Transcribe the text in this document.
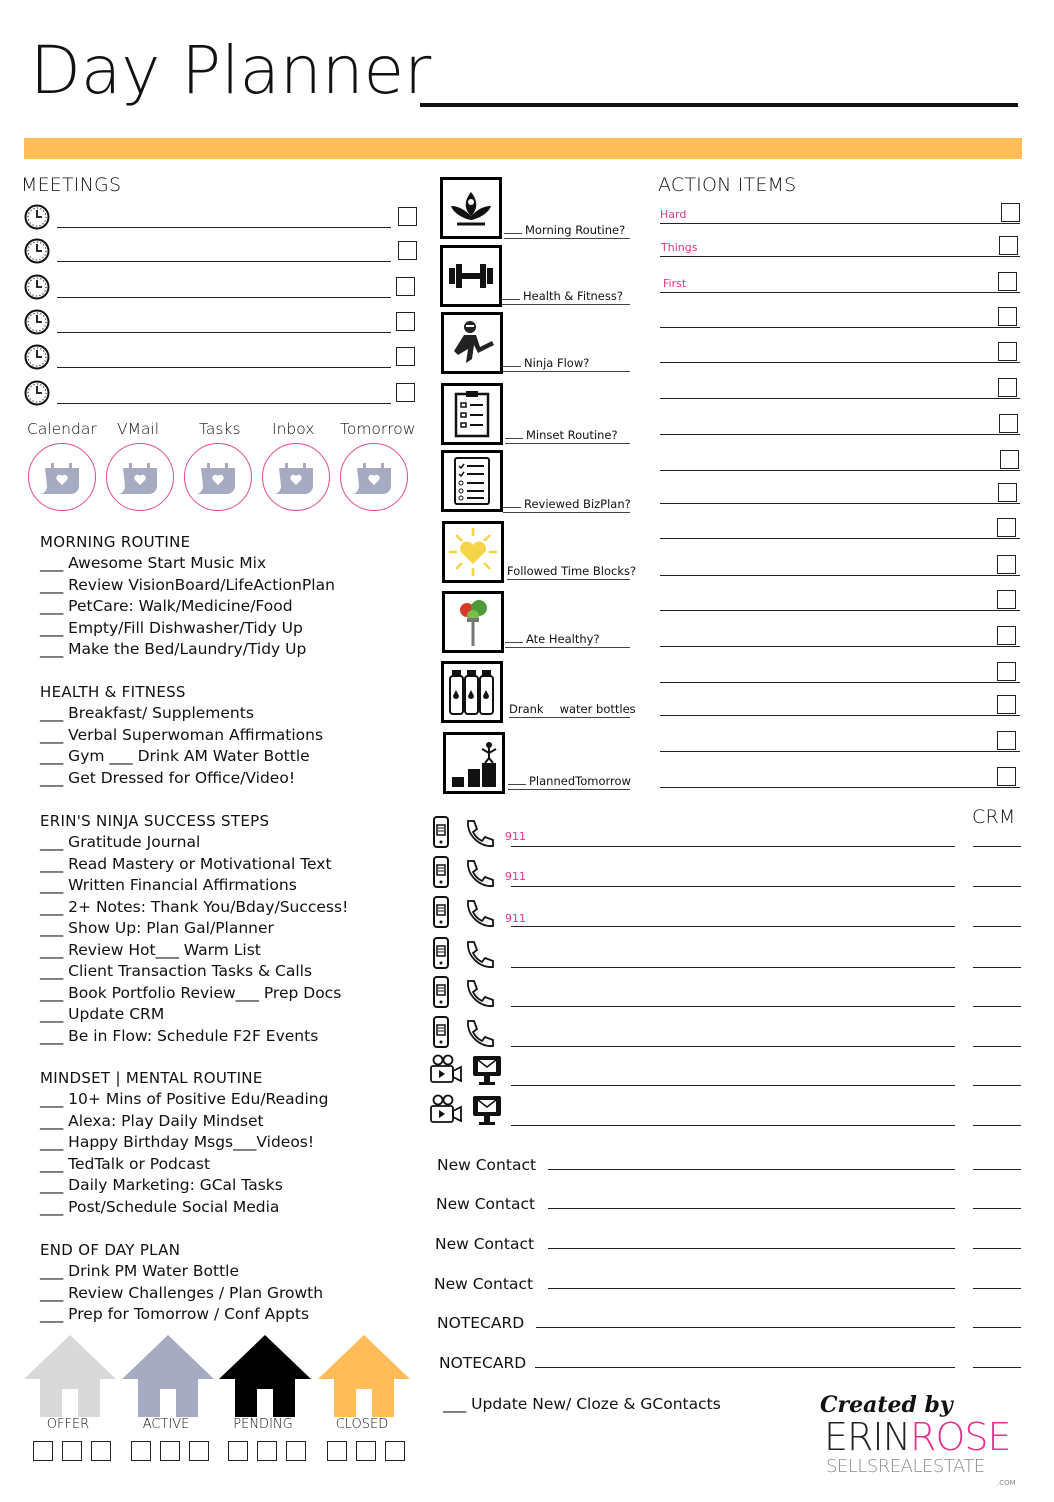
Day Planner
MEETINGS
Calendar VMail	Tasks Inbox Tomorrow
MORNING ROUTINE
___ Awesome Start Music Mix
___ Review VisionBoard/LifeActionPlan
___ PetCare: Walk/Medicine/Food
___ Empty/Fill Dishwasher/Tidy Up
___ Make the Bed/Laundry/Tidy Up
HEALTH & FITNESS
___ Breakfast/ Supplements
___ Verbal Superwoman Affirmations
___ Gym ___ Drink AM Water Bottle
___ Get Dressed for Office/Video!
ERIN'S NINJA SUCCESS STEPS
___ Gratitude Journal
___ Read Mastery or Motivational Text
___ Written Financial Affirmations
___ 2+ Notes: Thank You/Bday/Success!
___ Show Up: Plan Gal/Planner
___ Review Hot___ Warm List
___ Client Transaction Tasks & Calls
___ Book Portfolio Review___ Prep Docs
___ Update CRM
___ Be in Flow: Schedule F2F Events
MINDSET | MENTAL ROUTINE
___ 10+ Mins of Positive Edu/Reading
___ Alexa: Play Daily Mindset
___ Happy Birthday Msgs___Videos!
___ TedTalk or Podcast
___ Daily Marketing: GCal Tasks
___ Post/Schedule Social Media
END OF DAY PLAN
___ Drink PM Water Bottle
___ Review Challenges / Plan Growth
___ Prep for Tomorrow / Conf Appts
Morning Routine?
Health & Fitness?
Ninja Flow?
Minset Routine?
Reviewed BizPlan?
Followed Time Blocks?
Ate Healthy?
Drank water bottles
PlannedTomorrow
ACTION ITEMS
Hard
Things
First
CRM
911
911
911
New Contact
New Contact
New Contact
New Contact
NOTECARD
NOTECARD
___ Update New/ Cloze & GContacts
OFFER	ACTIVE	PENDING	CLOSED
Created by
ERINROSE
SELLSREALESTATE
.COM
